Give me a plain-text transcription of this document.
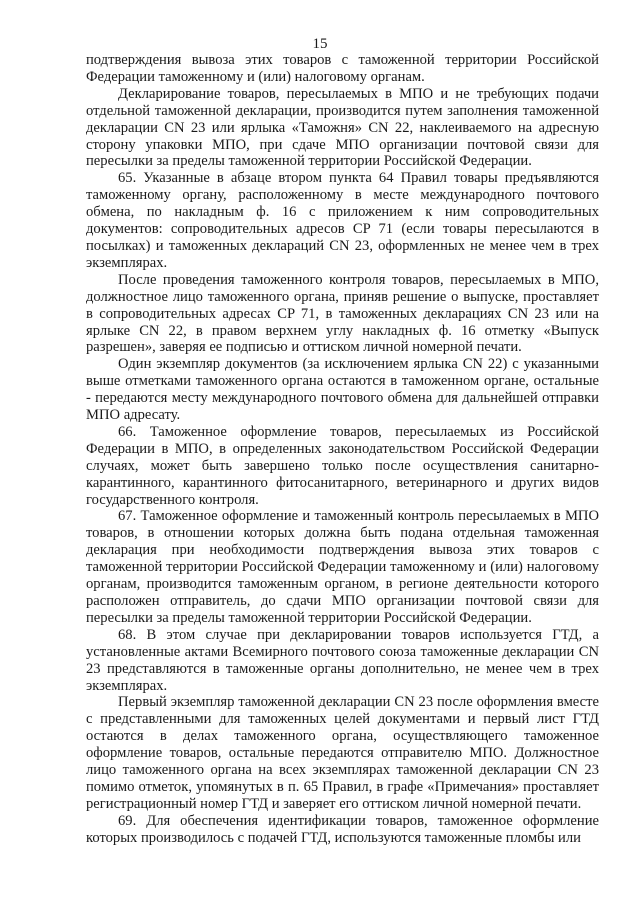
15

подтверждения вывоза этих товаров с таможенной территории Российской Федерации таможенному и (или) налоговому органам.

Декларирование товаров, пересылаемых в МПО и не требующих подачи отдельной таможенной декларации, производится путем заполнения таможенной декларации CN 23 или ярлыка «Таможня» CN 22, наклеиваемого на адресную сторону упаковки МПО, при сдаче МПО организации почтовой связи для пересылки за пределы таможенной территории Российской Федерации.

65. Указанные в абзаце втором пункта 64 Правил товары предъявляются таможенному органу, расположенному в месте международного почтового обмена, по накладным ф. 16 с приложением к ним сопроводительных документов: сопроводительных адресов CP 71 (если товары пересылаются в посылках) и таможенных деклараций CN 23, оформленных не менее чем в трех экземплярах.

После проведения таможенного контроля товаров, пересылаемых в МПО, должностное лицо таможенного органа, приняв решение о выпуске, проставляет в сопроводительных адресах CP 71, в таможенных декларациях CN 23 или на ярлыке CN 22, в правом верхнем углу накладных ф. 16 отметку «Выпуск разрешен», заверяя ее подписью и оттиском личной номерной печати.

Один экземпляр документов (за исключением ярлыка CN 22) с указанными выше отметками таможенного органа остаются в таможенном органе, остальные - передаются месту международного почтового обмена для дальнейшей отправки МПО адресату.

66. Таможенное оформление товаров, пересылаемых из Российской Федерации в МПО, в определенных законодательством Российской Федерации случаях, может быть завершено только после осуществления санитарно-карантинного, карантинного фитосанитарного, ветеринарного и других видов государственного контроля.

67. Таможенное оформление и таможенный контроль пересылаемых в МПО товаров, в отношении которых должна быть подана отдельная таможенная декларация при необходимости подтверждения вывоза этих товаров с таможенной территории Российской Федерации таможенному и (или) налоговому органам, производится таможенным органом, в регионе деятельности которого расположен отправитель, до сдачи МПО организации почтовой связи для пересылки за пределы таможенной территории Российской Федерации.

68. В этом случае при декларировании товаров используется ГТД, а установленные актами Всемирного почтового союза таможенные декларации CN 23 представляются в таможенные органы дополнительно, не менее чем в трех экземплярах.

Первый экземпляр таможенной декларации CN 23 после оформления вместе с представленными для таможенных целей документами и первый лист ГТД остаются в делах таможенного органа, осуществляющего таможенное оформление товаров, остальные передаются отправителю МПО. Должностное лицо таможенного органа на всех экземплярах таможенной декларации CN 23 помимо отметок, упомянутых в п. 65 Правил, в графе «Примечания» проставляет регистрационный номер ГТД и заверяет его оттиском личной номерной печати.

69. Для обеспечения идентификации товаров, таможенное оформление которых производилось с подачей ГТД, используются таможенные пломбы или
